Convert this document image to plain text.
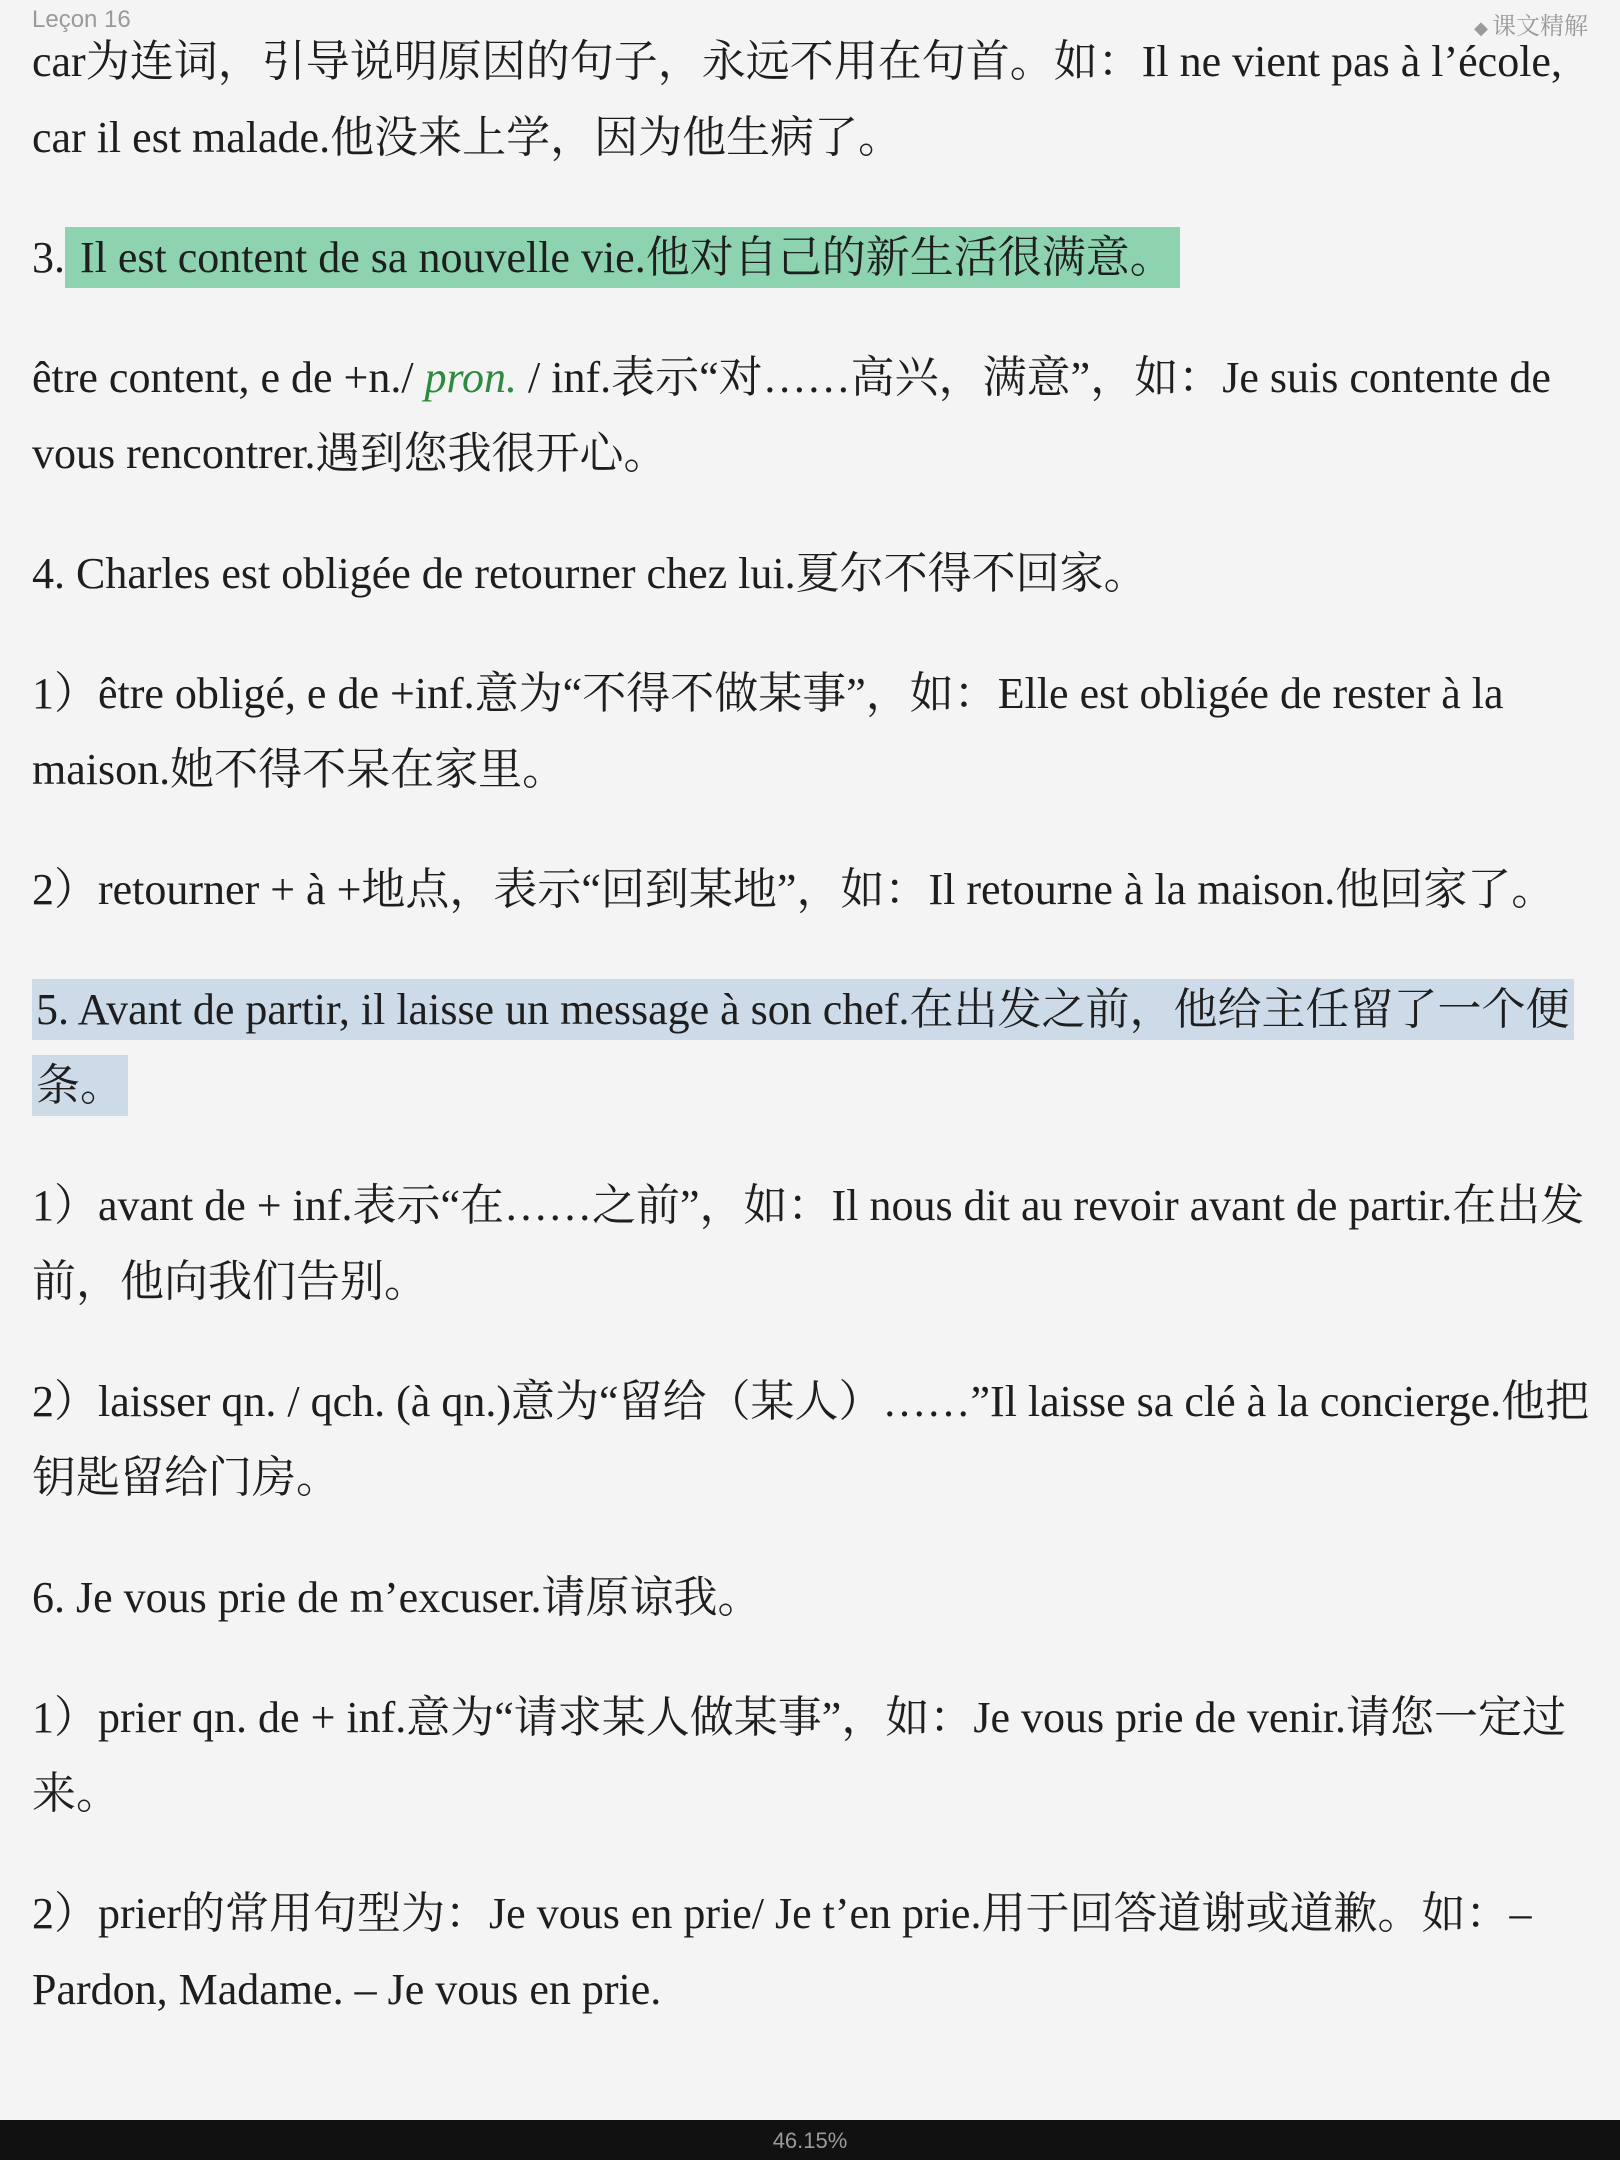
Leçon 16	◆ 课文精解

car为连词，引导说明原因的句子，永远不用在句首。如：Il ne vient pas à l’école, car il est malade.他没来上学，因为他生病了。

3. Il est content de sa nouvelle vie.他对自己的新生活很满意。

être content, e de +n./ pron. / inf.表示“对……高兴，满意”，如：Je suis contente de vous rencontrer.遇到您我很开心。

4. Charles est obligée de retourner chez lui.夏尔不得不回家。

1）être obligé, e de +inf.意为“不得不做某事”，如：Elle est obligée de rester à la maison.她不得不呆在家里。

2）retourner + à +地点，表示“回到某地”，如：Il retourne à la maison.他回家了。

5. Avant de partir, il laisse un message à son chef.在出发之前，他给主任留了一个便条。

1）avant de + inf.表示“在……之前”，如：Il nous dit au revoir avant de partir.在出发前，他向我们告别。

2）laisser qn. / qch. (à qn.)意为“留给（某人）……”Il laisse sa clé à la concierge.他把钥匙留给门房。

6. Je vous prie de m’excuser.请原谅我。

1）prier qn. de + inf.意为“请求某人做某事”，如：Je vous prie de venir.请您一定过来。

2）prier的常用句型为：Je vous en prie/ Je t’en prie.用于回答道谢或道歉。如：–Pardon, Madame. – Je vous en prie.

46.15%
